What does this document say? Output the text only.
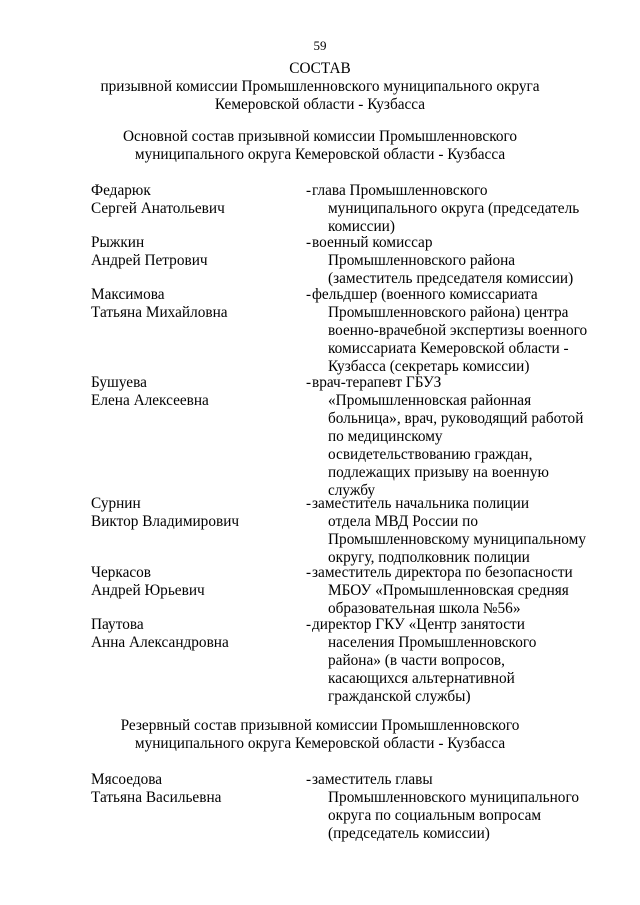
59
СОСТАВ
призывной комиссии Промышленновского муниципального округа
Кемеровской области - Кузбасса
Основной состав призывной комиссии Промышленновского
муниципального округа Кемеровской области - Кузбасса
Федарюк
Сергей Анатольевич
- глава Промышленновского
муниципального округа (председатель
комиссии)
Рыжкин
Андрей Петрович
- военный комиссар
Промышленновского района
(заместитель председателя комиссии)
Максимова
Татьяна Михайловна
- фельдшер (военного комиссариата
Промышленновского района) центра
военно-врачебной экспертизы военного
комиссариата Кемеровской области -
Кузбасса (секретарь комиссии)
Бушуева
Елена Алексеевна
- врач-терапевт ГБУЗ
«Промышленновская районная
больница», врач, руководящий работой
по медицинскому
освидетельствованию граждан,
подлежащих призыву на военную
службу
Сурнин
Виктор Владимирович
- заместитель начальника полиции
отдела МВД России по
Промышленновскому муниципальному
округу, подполковник полиции
Черкасов
Андрей Юрьевич
- заместитель директора по безопасности
МБОУ «Промышленновская средняя
образовательная школа №56»
Паутова
Анна Александровна
- директор ГКУ «Центр занятости
населения Промышленновского
района» (в части вопросов,
касающихся альтернативной
гражданской службы)
Резервный состав призывной комиссии Промышленновского
муниципального округа Кемеровской области - Кузбасса
Мясоедова
Татьяна Васильевна
- заместитель главы
Промышленновского муниципального
округа по социальным вопросам
(председатель комиссии)
